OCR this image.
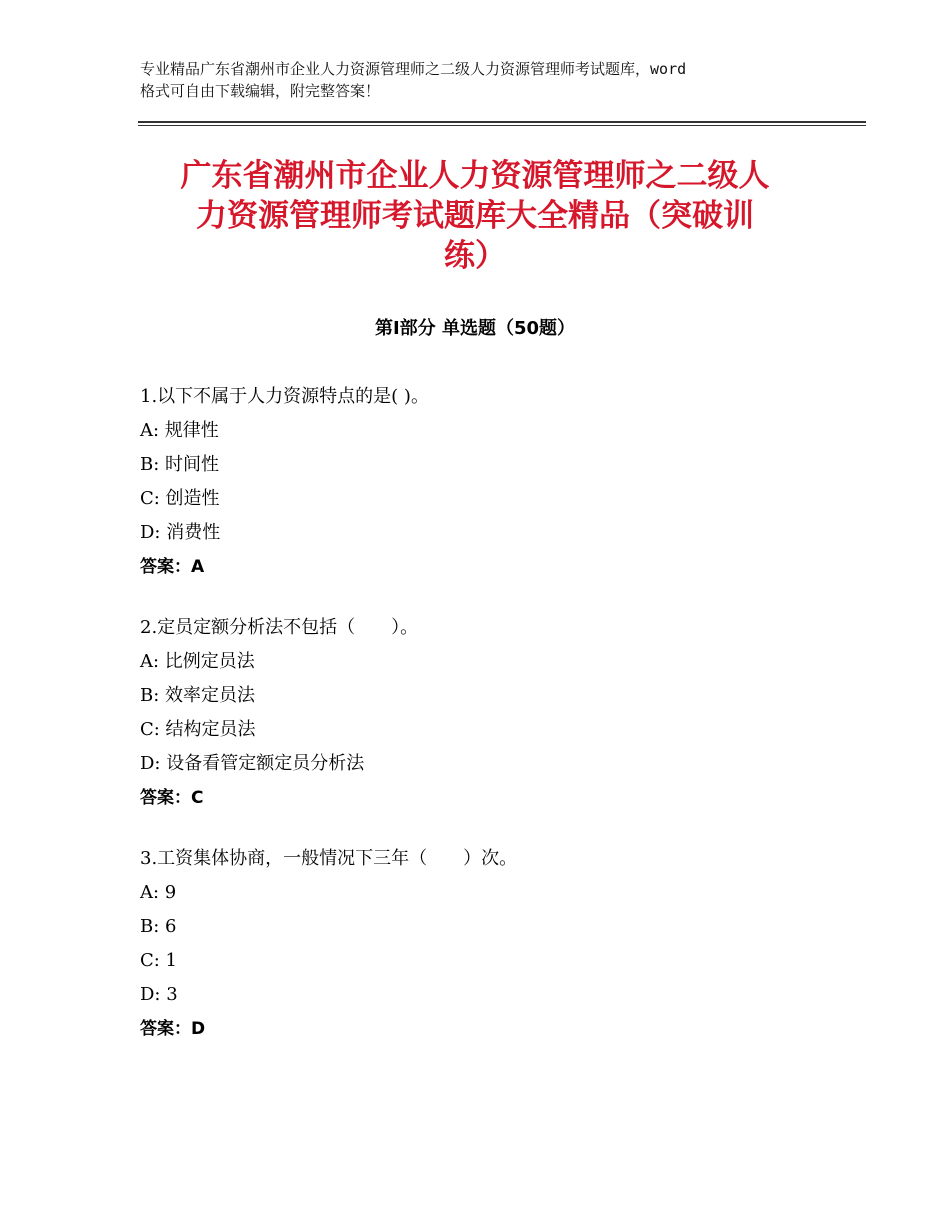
专业精品广东省潮州市企业人力资源管理师之二级人力资源管理师考试题库，word
格式可自由下载编辑，附完整答案！
广东省潮州市企业人力资源管理师之二级人
力资源管理师考试题库大全精品（突破训
练）
第Ⅰ部分 单选题（50题）
1.以下不属于人力资源特点的是( )。
A: 规律性
B: 时间性
C: 创造性
D: 消费性
答案：A
2.定员定额分析法不包括（　　）。
A: 比例定员法
B: 效率定员法
C: 结构定员法
D: 设备看管定额定员分析法
答案：C
3.工资集体协商，一般情况下三年（　　）次。
A: 9
B: 6
C: 1
D: 3
答案：D
